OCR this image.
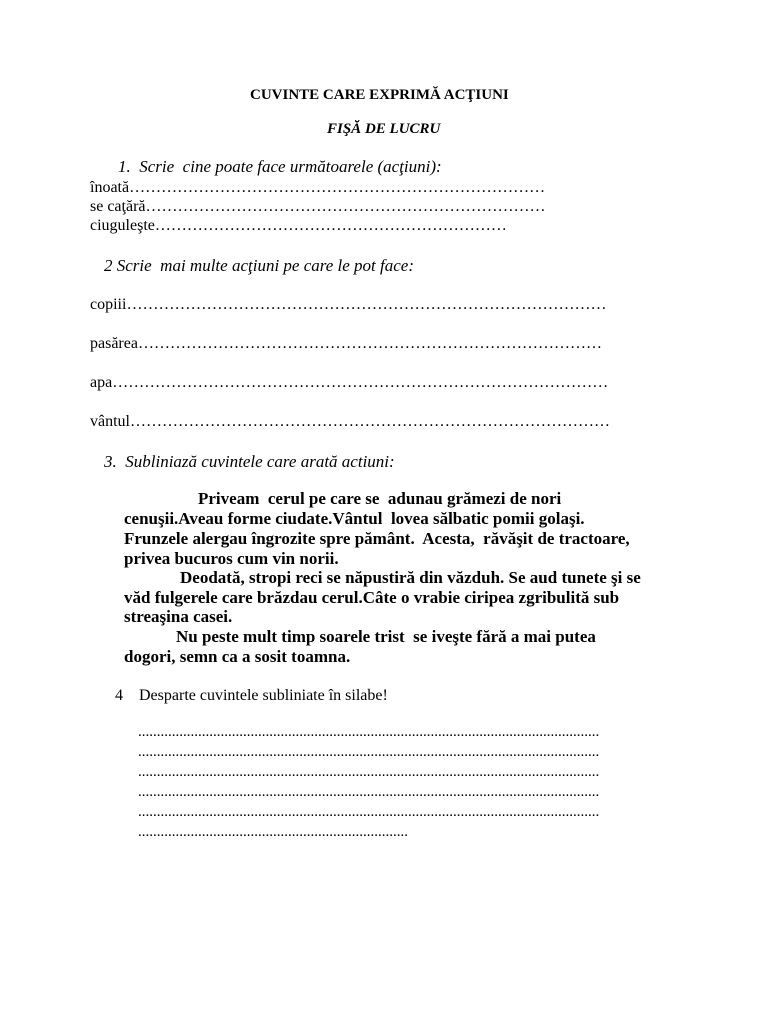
CUVINTE CARE EXPRIMĂ ACŢIUNI
FIŞĂ DE LUCRU
1.  Scrie  cine poate face următoarele (acţiuni):
înoată……………………………………………………………………
se caţără…………………………………………………………………
ciuguleşte…………………………………………………………
2 Scrie  mai multe acţiuni pe care le pot face:
copiii………………………………………………………………………………
pasărea……………………………………………………………………………
apa…………………………………………………………………………………
vântul………………………………………………………………………………
3.  Subliniază cuvintele care arată actiuni:
Priveam  cerul pe care se  adunau grămezi de nori
cenuşii.Aveau forme ciudate.Vântul  lovea sălbatic pomii golaşi.
Frunzele alergau îngrozite spre pământ.  Acesta,  răvăşit de tractoare,
privea bucuros cum vin norii.
Deodată, stropi reci se năpustiră din văzduh. Se aud tunete şi se
văd fulgerele care brăzdau cerul.Câte o vrabie ciripea zgribulită sub
streaşina casei.
Nu peste mult timp soarele trist  se iveşte fără a mai putea
dogori, semn ca a sosit toamna.
4 Desparte cuvintele subliniate în silabe!
...........................................................................................................................
...........................................................................................................................
...........................................................................................................................
...........................................................................................................................
...........................................................................................................................
........................................................................
